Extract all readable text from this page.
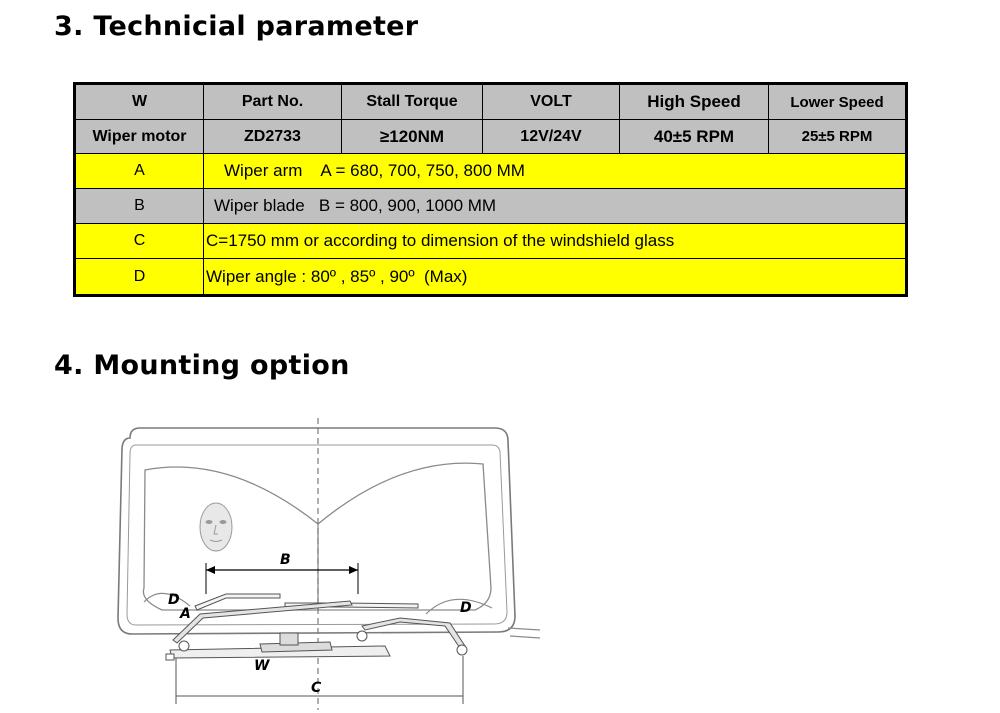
3. Technicial parameter
W	Part No.	Stall Torque	VOLT	High Speed	Lower Speed
Wiper motor	ZD2733	≥120NM	12V/24V	40±5 RPM	25±5 RPM
A	Wiper arm    A = 680, 700, 750, 800 MM
B	Wiper blade   B = 800, 900, 1000 MM
C	C=1750 mm or according to dimension of the windshield glass
D	Wiper angle : 80º , 85º , 90º  (Max)
4. Mounting option
B
D
A	D
W
C
